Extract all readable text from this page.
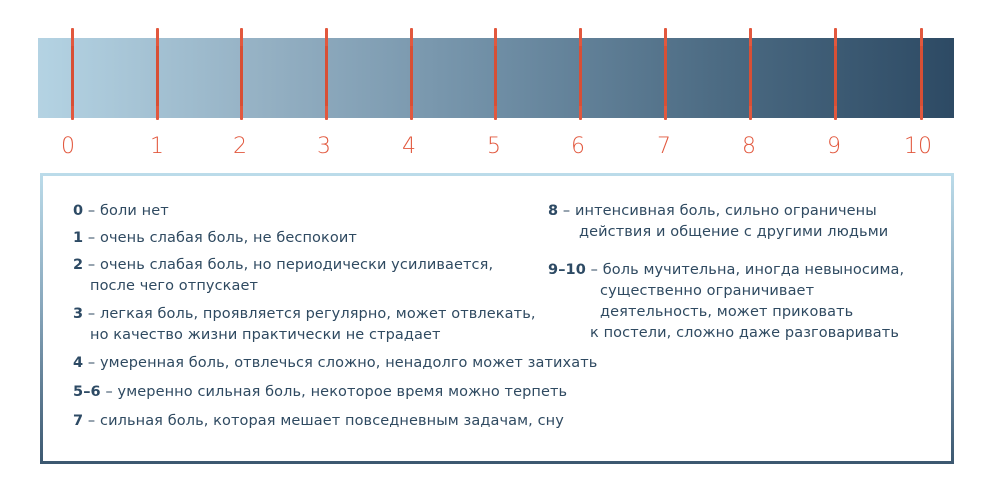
0	1	2	3	4	5	6	7	8	9	10
0 – боли нет
1 – очень слабая боль, не беспокоит
2 – очень слабая боль, но периодически усиливается,
после чего отпускает
3 – легкая боль, проявляется регулярно, может отвлекать,
но качество жизни практически не страдает
4 – умеренная боль, отвлечься сложно, ненадолго может затихать
5–6 – умеренно сильная боль, некоторое время можно терпеть
7 – сильная боль, которая мешает повседневным задачам, сну
8 – интенсивная боль, сильно ограничены
действия и общение с другими людьми
9–10 – боль мучительна, иногда невыносима,
существенно ограничивает
деятельность, может приковать
к постели, сложно даже разговаривать
